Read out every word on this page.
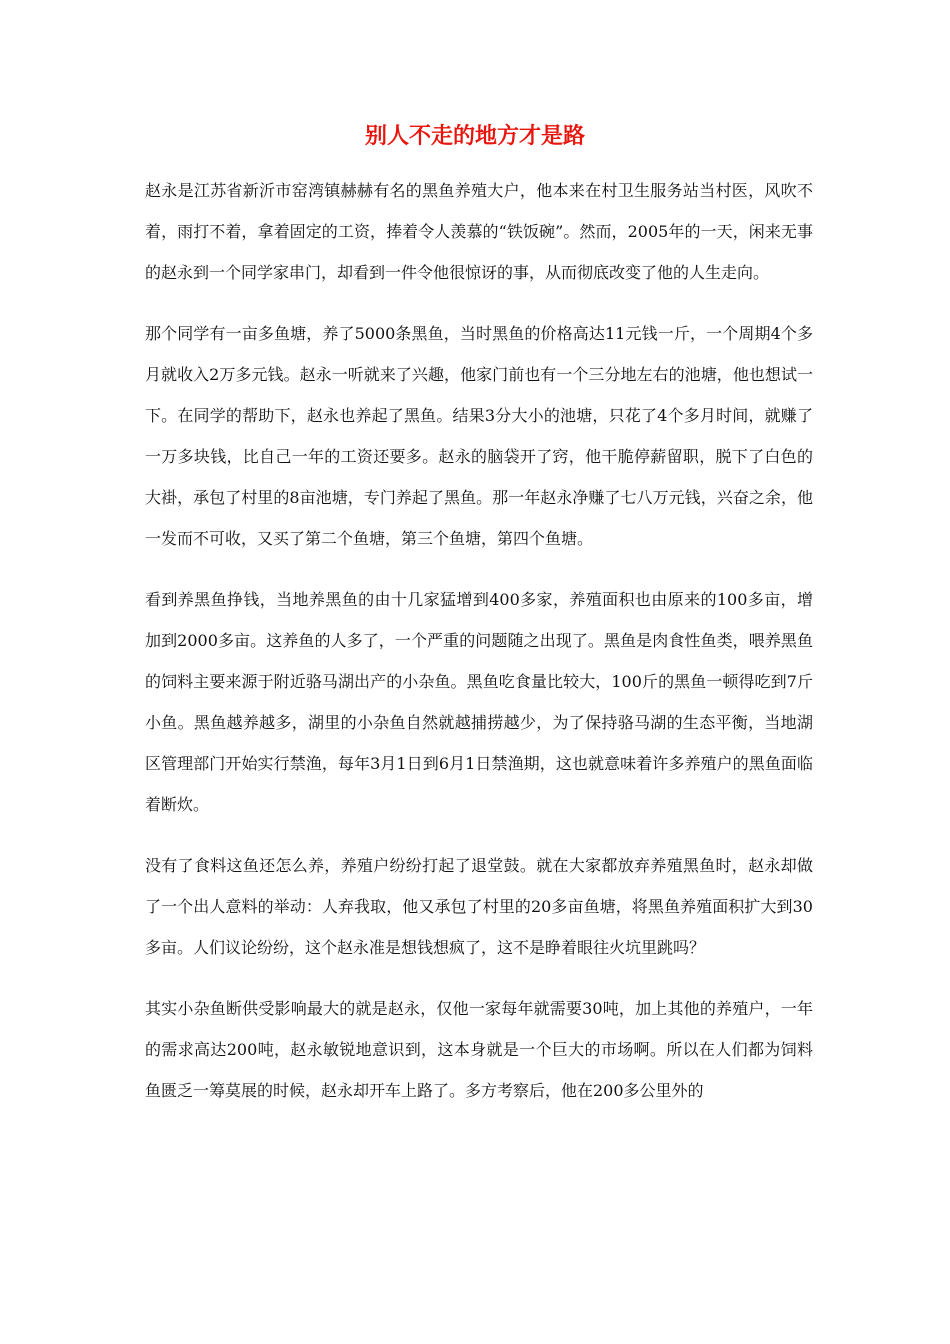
别人不走的地方才是路

赵永是江苏省新沂市窑湾镇赫赫有名的黑鱼养殖大户，他本来在村卫生服务站当村医，风吹不着，雨打不着，拿着固定的工资，捧着令人羡慕的“铁饭碗”。然而，2005年的一天，闲来无事的赵永到一个同学家串门，却看到一件令他很惊讶的事，从而彻底改变了他的人生走向。

那个同学有一亩多鱼塘，养了5000条黑鱼，当时黑鱼的价格高达11元钱一斤，一个周期4个多月就收入2万多元钱。赵永一听就来了兴趣，他家门前也有一个三分地左右的池塘，他也想试一下。在同学的帮助下，赵永也养起了黑鱼。结果3分大小的池塘，只花了4个多月时间，就赚了一万多块钱，比自己一年的工资还要多。赵永的脑袋开了窍，他干脆停薪留职，脱下了白色的大褂，承包了村里的8亩池塘，专门养起了黑鱼。那一年赵永净赚了七八万元钱，兴奋之余，他一发而不可收，又买了第二个鱼塘，第三个鱼塘，第四个鱼塘。

看到养黑鱼挣钱，当地养黑鱼的由十几家猛增到400多家，养殖面积也由原来的100多亩，增加到2000多亩。这养鱼的人多了，一个严重的问题随之出现了。黑鱼是肉食性鱼类，喂养黑鱼的饲料主要来源于附近骆马湖出产的小杂鱼。黑鱼吃食量比较大，100斤的黑鱼一顿得吃到7斤小鱼。黑鱼越养越多，湖里的小杂鱼自然就越捕捞越少，为了保持骆马湖的生态平衡，当地湖区管理部门开始实行禁渔，每年3月1日到6月1日禁渔期，这也就意味着许多养殖户的黑鱼面临着断炊。

没有了食料这鱼还怎么养，养殖户纷纷打起了退堂鼓。就在大家都放弃养殖黑鱼时，赵永却做了一个出人意料的举动：人弃我取，他又承包了村里的20多亩鱼塘，将黑鱼养殖面积扩大到30多亩。人们议论纷纷，这个赵永准是想钱想疯了，这不是睁着眼往火坑里跳吗？

其实小杂鱼断供受影响最大的就是赵永，仅他一家每年就需要30吨，加上其他的养殖户，一年的需求高达200吨，赵永敏锐地意识到，这本身就是一个巨大的市场啊。所以在人们都为饲料鱼匮乏一筹莫展的时候，赵永却开车上路了。多方考察后，他在200多公里外的
